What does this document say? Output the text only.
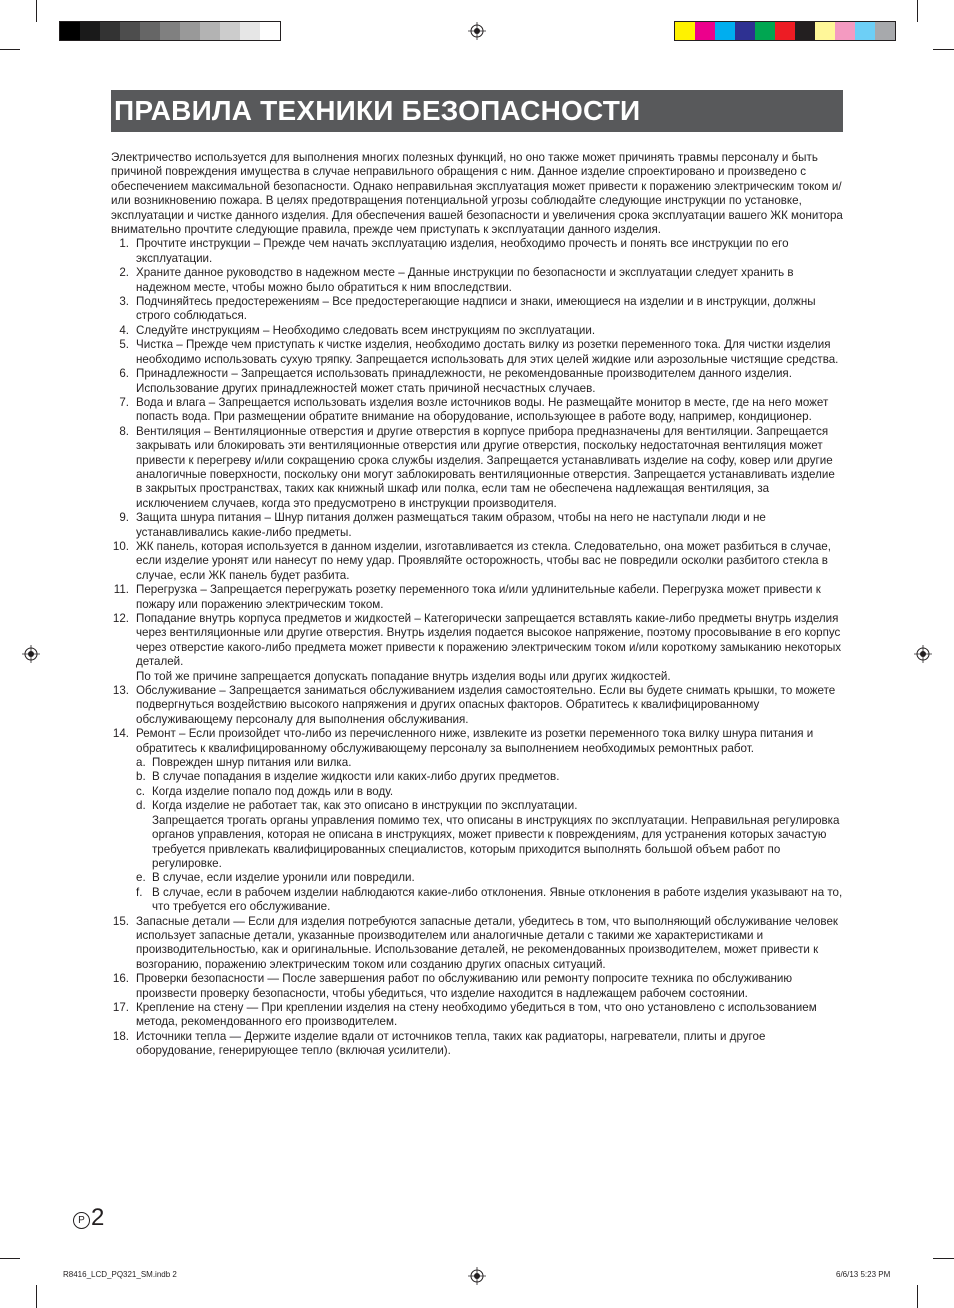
ПРАВИЛА ТЕХНИКИ БЕЗОПАСНОСТИ

Электричество используется для выполнения многих полезных функций, но оно также может причинять травмы персоналу и быть причиной повреждения имущества в случае неправильного обращения с ним. Данное изделие спроектировано и произведено с обеспечением максимальной безопасности. Однако неправильная эксплуатация может привести к поражению электрическим током и/или возникновению пожара. В целях предотвращения потенциальной угрозы соблюдайте следующие инструкции по установке, эксплуатации и чистке данного изделия. Для обеспечения вашей безопасности и увеличения срока эксплуатации вашего ЖК монитора внимательно прочтите следующие правила, прежде чем приступать к эксплуатации данного изделия.

1. Прочтите инструкции – Прежде чем начать эксплуатацию изделия, необходимо прочесть и понять все инструкции по его эксплуатации.
2. Храните данное руководство в надежном месте – Данные инструкции по безопасности и эксплуатации следует хранить в надежном месте, чтобы можно было обратиться к ним впоследствии.
3. Подчиняйтесь предостережениям – Все предостерегающие надписи и знаки, имеющиеся на изделии и в инструкции, должны строго соблюдаться.
4. Следуйте инструкциям – Необходимо следовать всем инструкциям по эксплуатации.
5. Чистка – Прежде чем приступать к чистке изделия, необходимо достать вилку из розетки переменного тока. Для чистки изделия необходимо использовать сухую тряпку. Запрещается использовать для этих целей жидкие или аэрозольные чистящие средства.
6. Принадлежности – Запрещается использовать принадлежности, не рекомендованные производителем данного изделия. Использование других принадлежностей может стать причиной несчастных случаев.
7. Вода и влага – Запрещается использовать изделия возле источников воды. Не размещайте монитор в месте, где на него может попасть вода. При размещении обратите внимание на оборудование, использующее в работе воду, например, кондиционер.
8. Вентиляция – Вентиляционные отверстия и другие отверстия в корпусе прибора предназначены для вентиляции. Запрещается закрывать или блокировать эти вентиляционные отверстия или другие отверстия, поскольку недостаточная вентиляция может привести к перегреву и/или сокращению срока службы изделия. Запрещается устанавливать изделие на софу, ковер или другие аналогичные поверхности, поскольку они могут заблокировать вентиляционные отверстия. Запрещается устанавливать изделие в закрытых пространствах, таких как книжный шкаф или полка, если там не обеспечена надлежащая вентиляция, за исключением случаев, когда это предусмотрено в инструкции производителя.
9. Защита шнура питания – Шнур питания должен размещаться таким образом, чтобы на него не наступали люди и не устанавливались какие-либо предметы.
10. ЖК панель, которая используется в данном изделии, изготавливается из стекла. Следовательно, она может разбиться в случае, если изделие уронят или нанесут по нему удар. Проявляйте осторожность, чтобы вас не повредили осколки разбитого стекла в случае, если ЖК панель будет разбита.
11. Перегрузка – Запрещается перегружать розетку переменного тока и/или удлинительные кабели. Перегрузка может привести к пожару или поражению электрическим током.
12. Попадание внутрь корпуса предметов и жидкостей – Категорически запрещается вставлять какие-либо предметы внутрь изделия через вентиляционные или другие отверстия. Внутрь изделия подается высокое напряжение, поэтому просовывание в его корпус через отверстие какого-либо предмета может привести к поражению электрическим током и/или короткому замыканию некоторых деталей.
По той же причине запрещается допускать попадание внутрь изделия воды или других жидкостей.
13. Обслуживание – Запрещается заниматься обслуживанием изделия самостоятельно. Если вы будете снимать крышки, то можете подвергнуться воздействию высокого напряжения и других опасных факторов. Обратитесь к квалифицированному обслуживающему персоналу для выполнения обслуживания.
14. Ремонт – Если произойдет что-либо из перечисленного ниже, извлеките из розетки переменного тока вилку шнура питания и обратитесь к квалифицированному обслуживающему персоналу за выполнением необходимых ремонтных работ.
a. Поврежден шнур питания или вилка.
b. В случае попадания в изделие жидкости или каких-либо других предметов.
c. Когда изделие попало под дождь или в воду.
d. Когда изделие не работает так, как это описано в инструкции по эксплуатации.
Запрещается трогать органы управления помимо тех, что описаны в инструкциях по эксплуатации. Неправильная регулировка органов управления, которая не описана в инструкциях, может привести к повреждениям, для устранения которых зачастую требуется привлекать квалифицированных специалистов, которым приходится выполнять большой объем работ по регулировке.
e. В случае, если изделие уронили или повредили.
f. В случае, если в рабочем изделии наблюдаются какие-либо отклонения. Явные отклонения в работе изделия указывают на то, что требуется его обслуживание.
15. Запасные детали — Если для изделия потребуются запасные детали, убедитесь в том, что выполняющий обслуживание человек использует запасные детали, указанные производителем или аналогичные детали с такими же характеристиками и производительностью, как и оригинальные. Использование деталей, не рекомендованных производителем, может привести к возгоранию, поражению электрическим током или созданию других опасных ситуаций.
16. Проверки безопасности — После завершения работ по обслуживанию или ремонту попросите техника по обслуживанию произвести проверку безопасности, чтобы убедиться, что изделие находится в надлежащем рабочем состоянии.
17. Крепление на стену — При креплении изделия на стену необходимо убедиться в том, что оно установлено с использованием метода, рекомендованного его производителем.
18. Источники тепла — Держите изделие вдали от источников тепла, таких как радиаторы, нагреватели, плиты и другое оборудование, генерирующее тепло (включая усилители).
P 2
R8416_LCD_PQ321_SM.indb 2	6/6/13 5:23 PM
